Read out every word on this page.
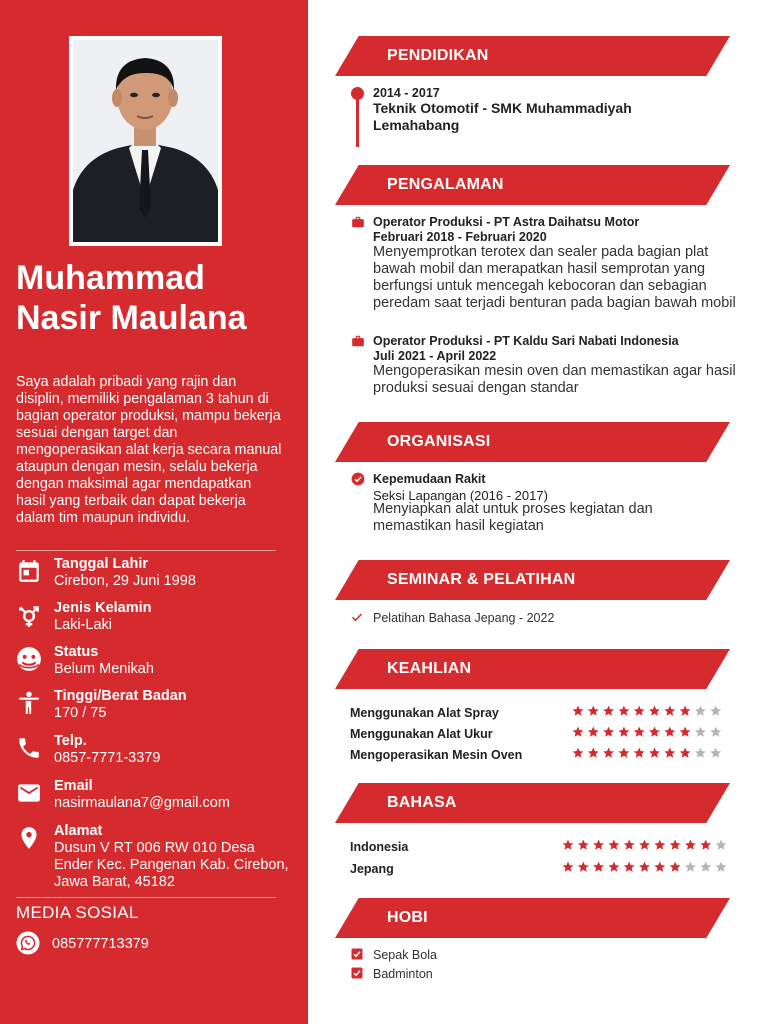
Muhammad
Nasir Maulana
Saya adalah pribadi yang rajin dan disiplin, memiliki pengalaman 3 tahun di bagian operator produksi, mampu bekerja sesuai dengan target dan mengoperasikan alat kerja secara manual ataupun dengan mesin, selalu bekerja dengan maksimal agar mendapatkan hasil yang terbaik dan dapat bekerja dalam tim maupun individu.
Tanggal Lahir
Cirebon, 29 Juni 1998
Jenis Kelamin
Laki-Laki
Status
Belum Menikah
Tinggi/Berat Badan
170 / 75
Telp.
0857-7771-3379
Email
nasirmaulana7@gmail.com
Alamat
Dusun V RT 006 RW 010 Desa Ender Kec. Pangenan Kab. Cirebon, Jawa Barat, 45182
MEDIA SOSIAL
085777713379
PENDIDIKAN
2014 - 2017
Teknik Otomotif - SMK Muhammadiyah
Lemahabang
PENGALAMAN
Operator Produksi - PT Astra Daihatsu Motor
Februari 2018 - Februari 2020
Menyemprotkan terotex dan sealer pada bagian plat bawah mobil dan merapatkan hasil semprotan yang berfungsi untuk mencegah kebocoran dan sebagian peredam saat terjadi benturan pada bagian bawah mobil
Operator Produksi - PT Kaldu Sari Nabati Indonesia
Juli 2021 - April 2022
Mengoperasikan mesin oven dan memastikan agar hasil produksi sesuai dengan standar
ORGANISASI
Kepemudaan Rakit
Seksi Lapangan (2016 - 2017)
Menyiapkan alat untuk proses kegiatan dan memastikan hasil kegiatan
SEMINAR & PELATIHAN
Pelatihan Bahasa Jepang - 2022
KEAHLIAN
Menggunakan Alat Spray
Menggunakan Alat Ukur
Mengoperasikan Mesin Oven
BAHASA
Indonesia
Jepang
HOBI
Sepak Bola
Badminton
